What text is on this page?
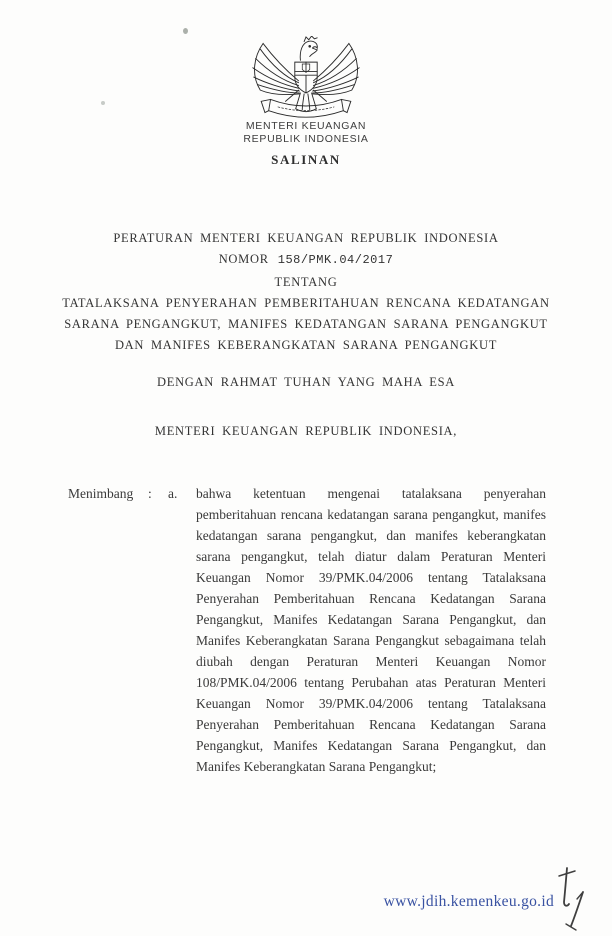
MENTERI KEUANGAN
REPUBLIK INDONESIA
SALINAN
PERATURAN MENTERI KEUANGAN REPUBLIK INDONESIA
NOMOR 158/PMK.04/2017
TENTANG
TATALAKSANA PENYERAHAN PEMBERITAHUAN RENCANA KEDATANGAN
SARANA PENGANGKUT, MANIFES KEDATANGAN SARANA PENGANGKUT
DAN MANIFES KEBERANGKATAN SARANA PENGANGKUT
DENGAN RAHMAT TUHAN YANG MAHA ESA
MENTERI KEUANGAN REPUBLIK INDONESIA,
Menimbang	:	a.	bahwa ketentuan mengenai tatalaksana penyerahan pemberitahuan rencana kedatangan sarana pengangkut, manifes kedatangan sarana pengangkut, dan manifes keberangkatan sarana pengangkut, telah diatur dalam Peraturan Menteri Keuangan Nomor 39/PMK.04/2006 tentang Tatalaksana Penyerahan Pemberitahuan Rencana Kedatangan Sarana Pengangkut, Manifes Kedatangan Sarana Pengangkut, dan Manifes Keberangkatan Sarana Pengangkut sebagaimana telah diubah dengan Peraturan Menteri Keuangan Nomor 108/PMK.04/2006 tentang Perubahan atas Peraturan Menteri Keuangan Nomor 39/PMK.04/2006 tentang Tatalaksana Penyerahan Pemberitahuan Rencana Kedatangan Sarana Pengangkut, Manifes Kedatangan Sarana Pengangkut, dan Manifes Keberangkatan Sarana Pengangkut;
www.jdih.kemenkeu.go.id
